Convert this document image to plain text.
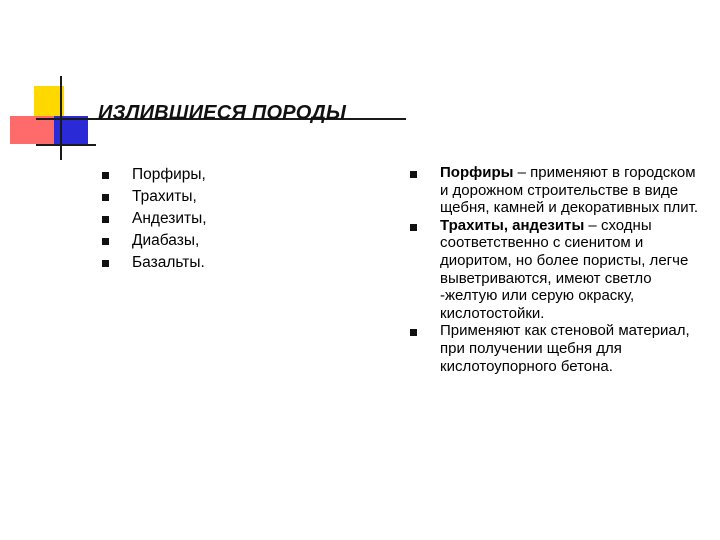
ИЗЛИВШИЕСЯ ПОРОДЫ
Порфиры,
Трахиты,
Андезиты,
Диабазы,
Базальты.
Порфиры – применяют в городском и дорожном строительстве в виде щебня, камней и декоративных плит.
Трахиты, андезиты – сходны соответственно с сиенитом и диоритом, но более пористы, легче выветриваются, имеют светло -желтую или серую окраску, кислотостойки.
Применяют как стеновой материал, при получении щебня для кислотоупорного бетона.
